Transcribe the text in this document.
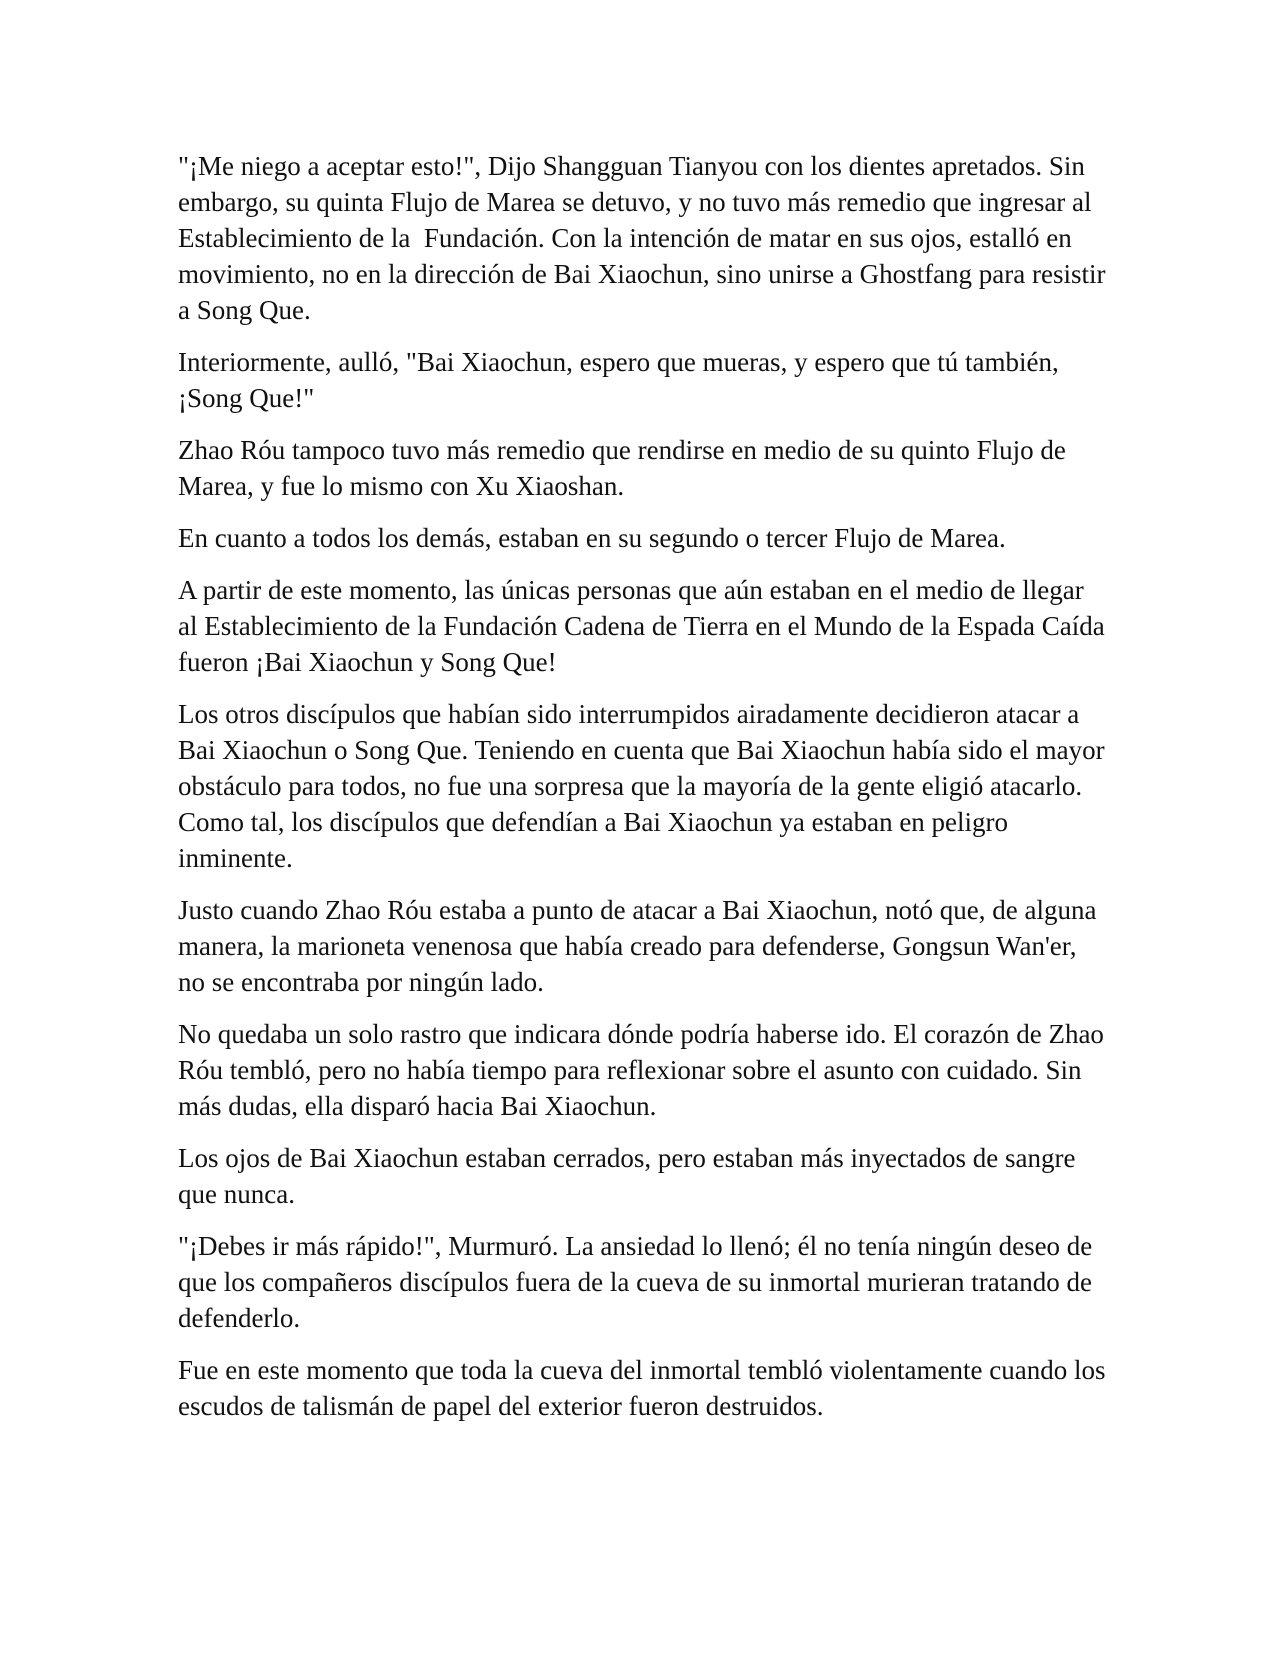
"¡Me niego a aceptar esto!", Dijo Shangguan Tianyou con los dientes apretados. Sin embargo, su quinta Flujo de Marea se detuvo, y no tuvo más remedio que ingresar al Establecimiento de la  Fundación. Con la intención de matar en sus ojos, estalló en movimiento, no en la dirección de Bai Xiaochun, sino unirse a Ghostfang para resistir a Song Que.

Interiormente, aulló, "Bai Xiaochun, espero que mueras, y espero que tú también, ¡Song Que!"

Zhao Róu tampoco tuvo más remedio que rendirse en medio de su quinto Flujo de Marea, y fue lo mismo con Xu Xiaoshan.

En cuanto a todos los demás, estaban en su segundo o tercer Flujo de Marea.

A partir de este momento, las únicas personas que aún estaban en el medio de llegar al Establecimiento de la Fundación Cadena de Tierra en el Mundo de la Espada Caída fueron ¡Bai Xiaochun y Song Que!

Los otros discípulos que habían sido interrumpidos airadamente decidieron atacar a Bai Xiaochun o Song Que. Teniendo en cuenta que Bai Xiaochun había sido el mayor obstáculo para todos, no fue una sorpresa que la mayoría de la gente eligió atacarlo. Como tal, los discípulos que defendían a Bai Xiaochun ya estaban en peligro inminente.

Justo cuando Zhao Róu estaba a punto de atacar a Bai Xiaochun, notó que, de alguna manera, la marioneta venenosa que había creado para defenderse, Gongsun Wan'er, no se encontraba por ningún lado.

No quedaba un solo rastro que indicara dónde podría haberse ido. El corazón de Zhao Róu tembló, pero no había tiempo para reflexionar sobre el asunto con cuidado. Sin más dudas, ella disparó hacia Bai Xiaochun.

Los ojos de Bai Xiaochun estaban cerrados, pero estaban más inyectados de sangre que nunca.

"¡Debes ir más rápido!", Murmuró. La ansiedad lo llenó; él no tenía ningún deseo de que los compañeros discípulos fuera de la cueva de su inmortal murieran tratando de defenderlo.

Fue en este momento que toda la cueva del inmortal tembló violentamente cuando los escudos de talismán de papel del exterior fueron destruidos.
